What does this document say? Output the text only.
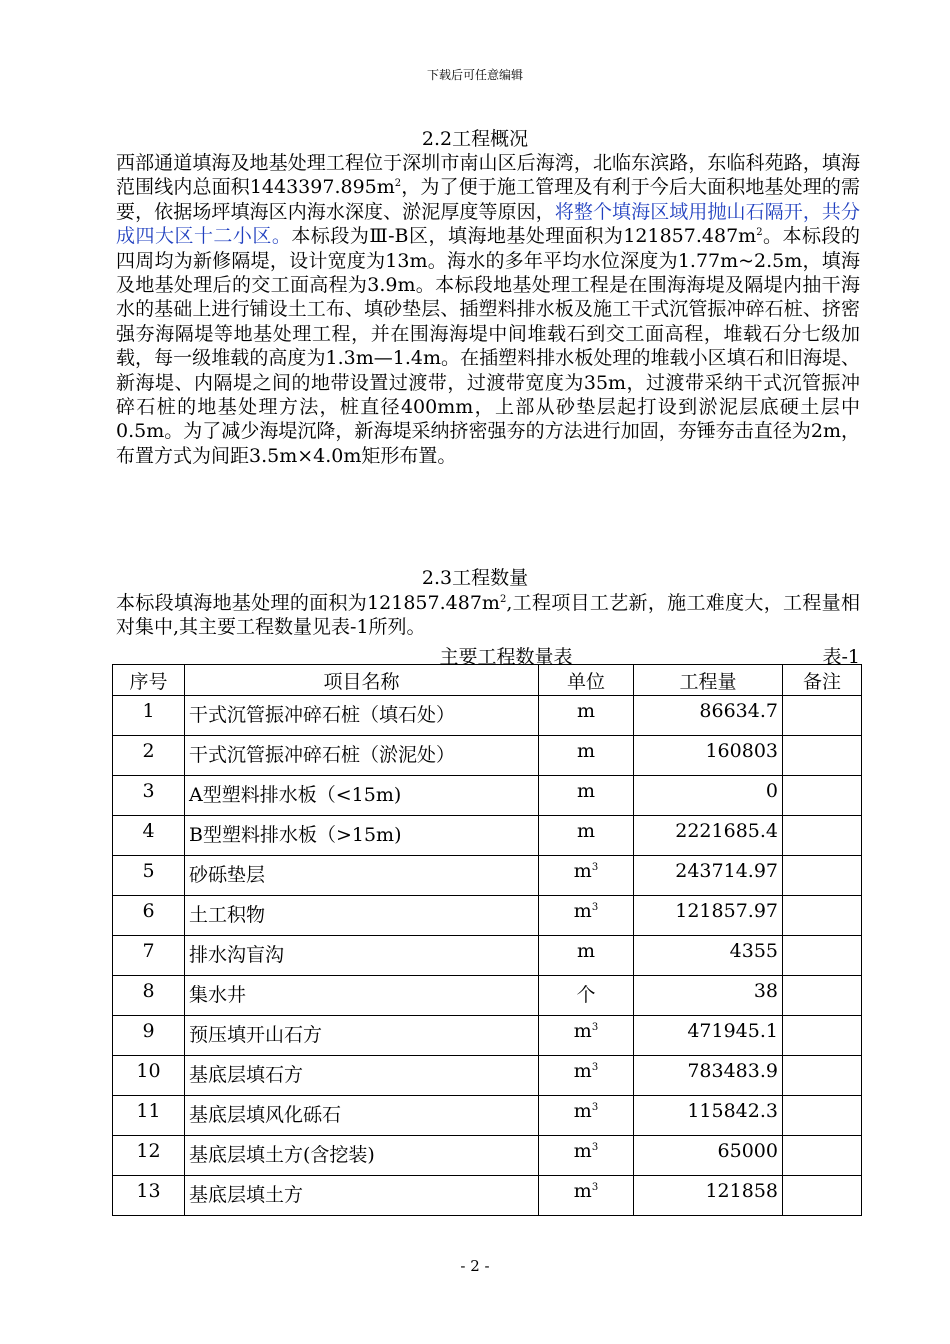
下载后可任意编辑
2.2工程概况

西部通道填海及地基处理工程位于深圳市南山区后海湾，北临东滨路，东临科苑路，填海范围线内总面积$1443397.895m^2$，为了便于施工管理及有利于今后大面积地基处理的需要，依据场坪填海区内海水深度、淤泥厚度等原因，将整个填海区域用抛山石隔开，共分成四大区十二小区。本标段为Ⅲ-B区，填海地基处理面积为$121857.487m^2$。本标段的四周均为新修隔堤，设计宽度为13m。海水的多年平均水位深度为1.77m~2.5m，填海及地基处理后的交工面高程为3.9m。本标段地基处理工程是在围海海堤及隔堤内抽干海水的基础上进行铺设土工布、填砂垫层、插塑料排水板及施工干式沉管振冲碎石桩、挤密强夯海隔堤等地基处理工程，并在围海海堤中间堆载石到交工面高程，堆载石分七级加载，每一级堆载的高度为1.3m—1.4m。在插塑料排水板处理的堆载小区填石和旧海堤、新海堤、内隔堤之间的地带设置过渡带，过渡带宽度为35m，过渡带采纳干式沉管振冲碎石桩的地基处理方法，桩直径400mm，上部从砂垫层起打设到淤泥层底硬土层中0.5m。为了减少海堤沉降，新海堤采纳挤密强夯的方法进行加固，夯锤夯击直径为2m，布置方式为间距3.5m×4.0m矩形布置。

2.3工程数量

本标段填海地基处理的面积为$121857.487m^2$,工程项目工艺新，施工难度大，工程量相对集中,其主要工程数量见表-1所列。

主要工程数量表	表-1
序号	项目名称	单位	工程量	备注
1	干式沉管振冲碎石桩（填石处）	m	86634.7	
2	干式沉管振冲碎石桩（淤泥处）	m	160803	
3	A型塑料排水板（<15m)	m	0	
4	B型塑料排水板（>15m)	m	2221685.4	
5	砂砾垫层	$m^3$	243714.97	
6	土工积物	$m^3$	121857.97	
7	排水沟盲沟	m	4355	
8	集水井	个	38	
9	预压填开山石方	$m^3$	471945.1	
10	基底层填石方	$m^3$	783483.9	
11	基底层填风化砾石	$m^3$	115842.3	
12	基底层填土方(含挖装)	$m^3$	65000	
13	基底层填土方	$m^3$	121858	
- 2 -
